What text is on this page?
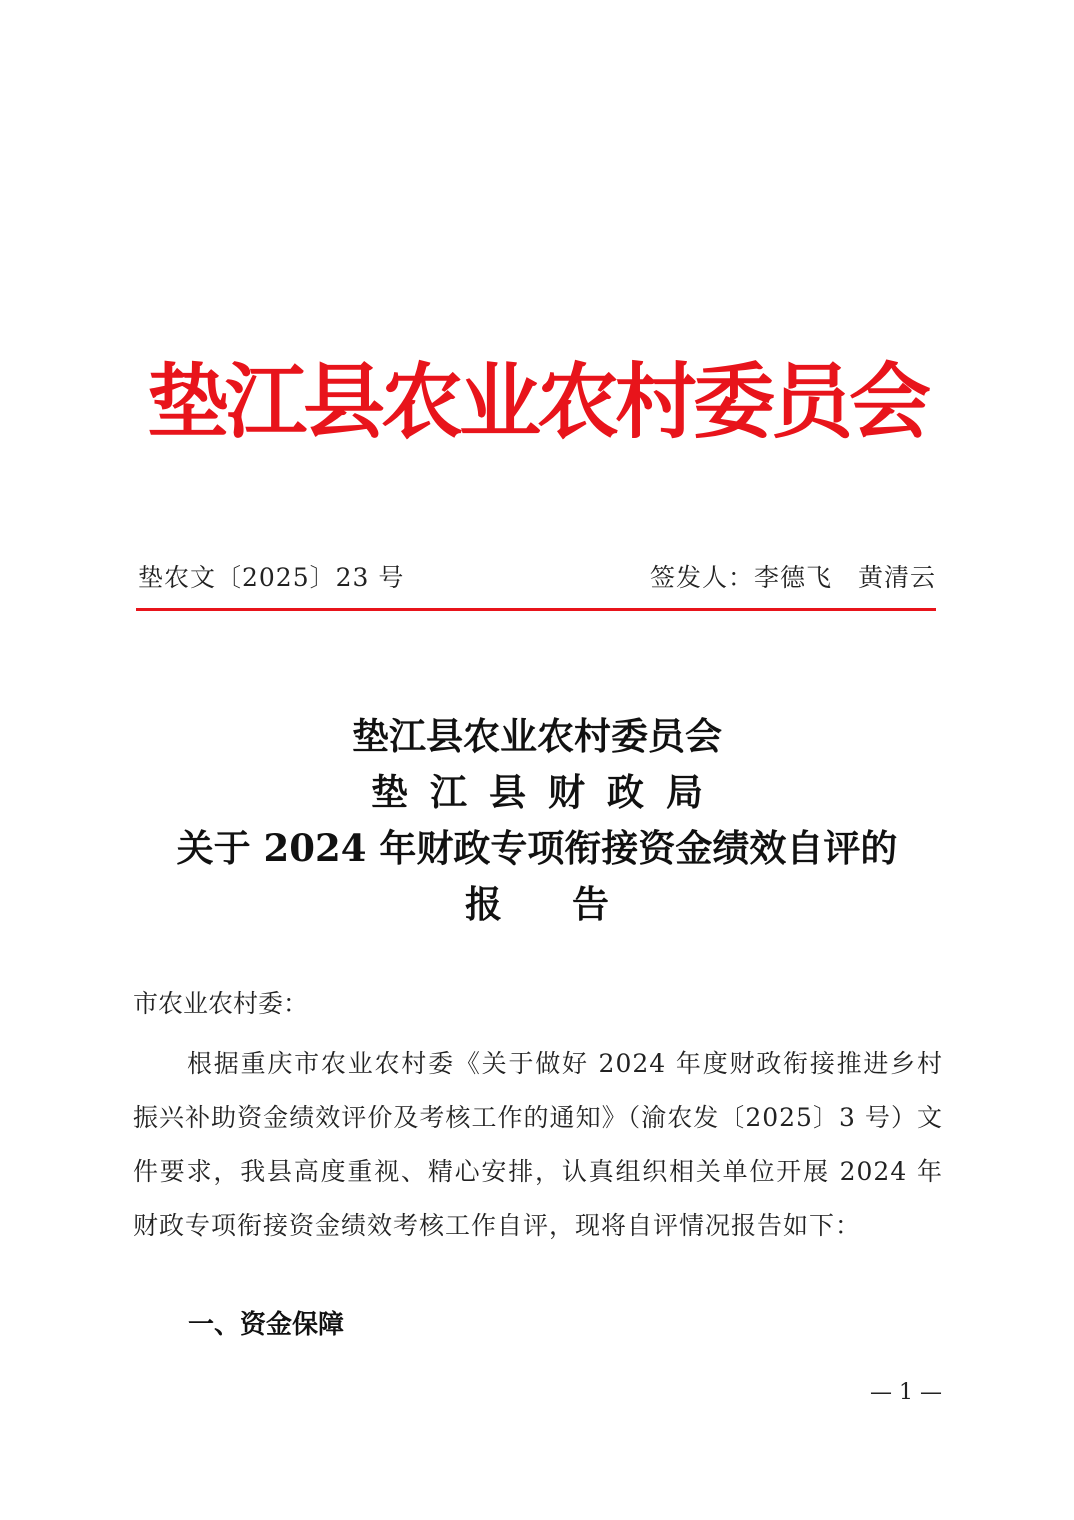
垫江县农业农村委员会
垫农文〔2025〕23 号	签发人：李德飞　黄清云
垫江县农业农村委员会
垫江县财政局
关于 2024 年财政专项衔接资金绩效自评的
报告
市农业农村委：
根据重庆市农业农村委《关于做好 2024 年度财政衔接推进乡村振兴补助资金绩效评价及考核工作的通知》（渝农发〔2025〕3 号）文件要求，我县高度重视、精心安排，认真组织相关单位开展 2024 年财政专项衔接资金绩效考核工作自评，现将自评情况报告如下：
一、资金保障
— 1 —
